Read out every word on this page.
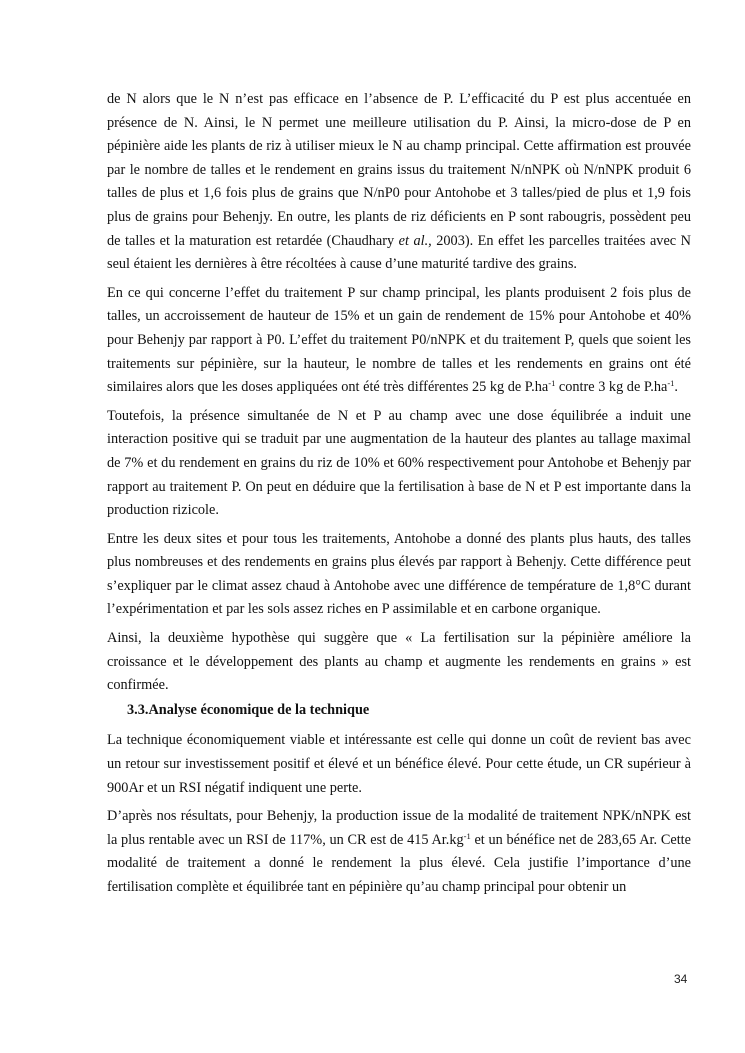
de N alors que le N n’est pas efficace en l’absence de P. L’efficacité du P est plus accentuée en présence de N. Ainsi, le N permet une meilleure utilisation du P. Ainsi, la micro-dose de P en pépinière aide les plants de riz à utiliser mieux le N au champ principal. Cette affirmation est prouvée par le nombre de talles et le rendement en grains issus du traitement N/nNPK où N/nNPK produit 6 talles de plus et 1,6 fois plus de grains que N/nP0 pour Antohobe et 3 talles/pied de plus et 1,9 fois plus de grains pour Behenjy. En outre, les plants de riz déficients en P sont rabougris, possèdent peu de talles et la maturation est retardée (Chaudhary et al., 2003). En effet les parcelles traitées avec N seul étaient les dernières à être récoltées à cause d’une maturité tardive des grains.

En ce qui concerne l’effet du traitement P sur champ principal, les plants produisent 2 fois plus de talles, un accroissement de hauteur de 15% et un gain de rendement de 15% pour Antohobe et 40% pour Behenjy par rapport à P0. L’effet du traitement P0/nNPK et du traitement P, quels que soient les traitements sur pépinière, sur la hauteur, le nombre de talles et les rendements en grains ont été similaires alors que les doses appliquées ont été très différentes 25 kg de $P.ha^{-1}$ contre 3 kg de $P.ha^{-1}$.

Toutefois, la présence simultanée de N et P au champ avec une dose équilibrée a induit une interaction positive qui se traduit par une augmentation de la hauteur des plantes au tallage maximal de 7% et du rendement en grains du riz de 10% et 60% respectivement pour Antohobe et Behenjy par rapport au traitement P. On peut en déduire que la fertilisation à base de N et P est importante dans la production rizicole.

Entre les deux sites et pour tous les traitements, Antohobe a donné des plants plus hauts, des talles plus nombreuses et des rendements en grains plus élevés par rapport à Behenjy. Cette différence peut s’expliquer par le climat assez chaud à Antohobe avec une différence de température de 1,8°C durant l’expérimentation et par les sols assez riches en P assimilable et en carbone organique.

Ainsi, la deuxième hypothèse qui suggère que « La fertilisation sur la pépinière améliore la croissance et le développement des plants au champ et augmente les rendements en grains » est confirmée.

3.3.Analyse économique de la technique

La technique économiquement viable et intéressante est celle qui donne un coût de revient bas avec un retour sur investissement positif et élevé et un bénéfice élevé. Pour cette étude, un CR supérieur à 900Ar et un RSI négatif indiquent une perte.

D’après nos résultats, pour Behenjy, la production issue de la modalité de traitement NPK/nNPK est la plus rentable avec un RSI de 117%, un CR est de 415 $Ar.kg^{-1}$ et un bénéfice net de 283,65 Ar. Cette modalité de traitement a donné le rendement la plus élevé. Cela justifie l’importance d’une fertilisation complète et équilibrée tant en pépinière qu’au champ principal pour obtenir un

34
